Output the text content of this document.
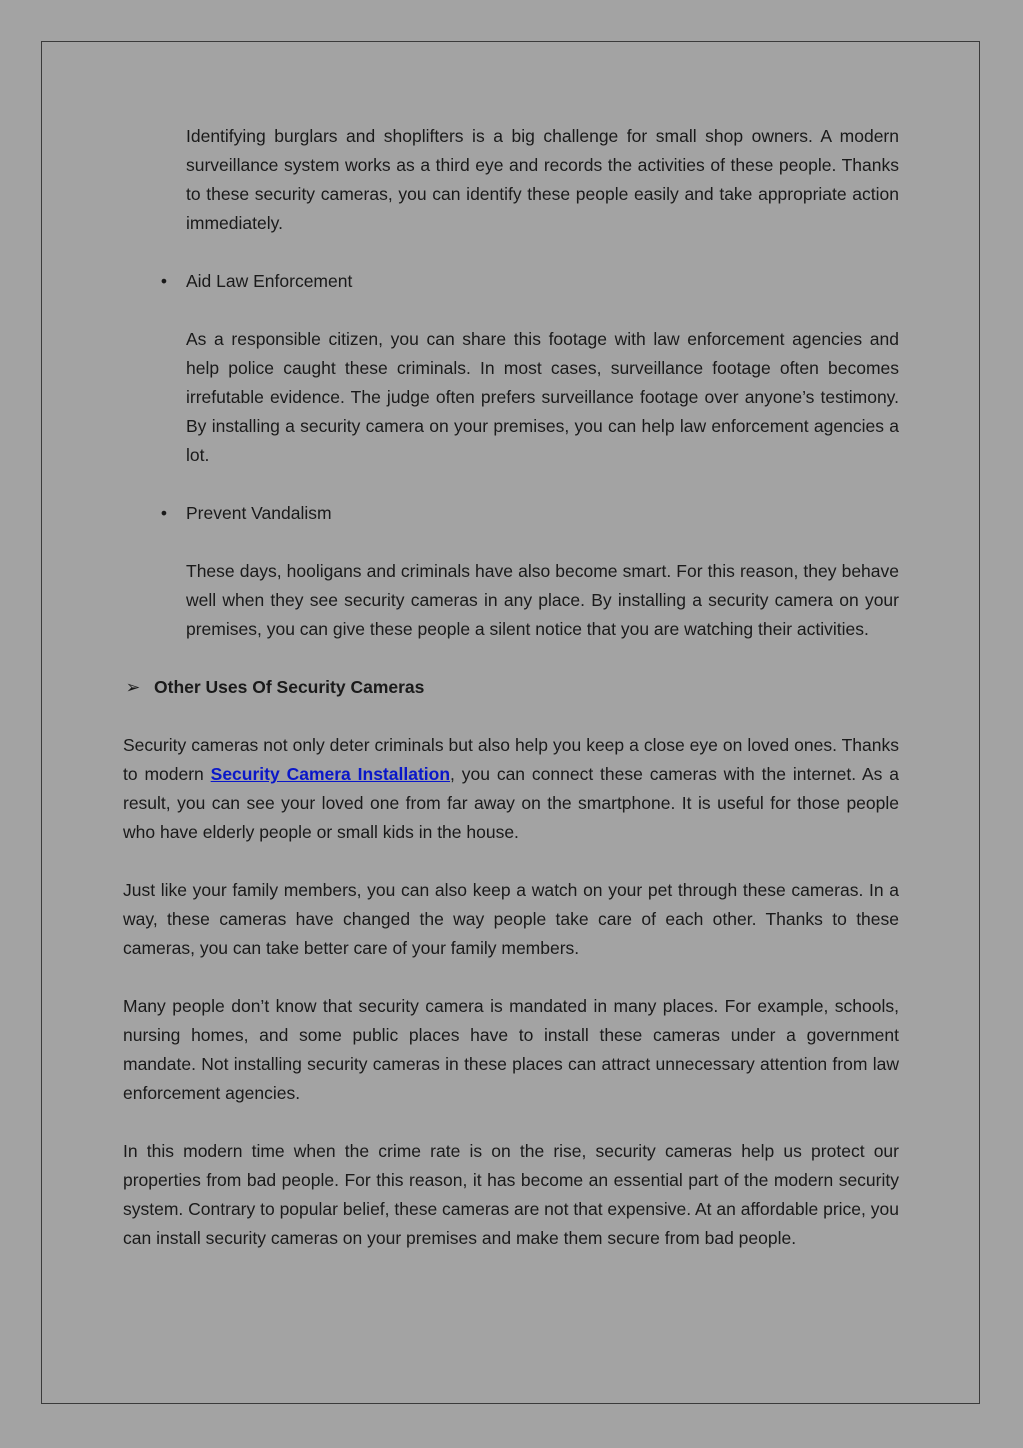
Identifying burglars and shoplifters is a big challenge for small shop owners. A modern surveillance system works as a third eye and records the activities of these people. Thanks to these security cameras, you can identify these people easily and take appropriate action immediately.

•	Aid Law Enforcement

As a responsible citizen, you can share this footage with law enforcement agencies and help police caught these criminals. In most cases, surveillance footage often becomes irrefutable evidence. The judge often prefers surveillance footage over anyone’s testimony. By installing a security camera on your premises, you can help law enforcement agencies a lot.

•	Prevent Vandalism

These days, hooligans and criminals have also become smart. For this reason, they behave well when they see security cameras in any place. By installing a security camera on your premises, you can give these people a silent notice that you are watching their activities.

➢ Other Uses Of Security Cameras

Security cameras not only deter criminals but also help you keep a close eye on loved ones. Thanks to modern Security Camera Installation, you can connect these cameras with the internet. As a result, you can see your loved one from far away on the smartphone. It is useful for those people who have elderly people or small kids in the house.

Just like your family members, you can also keep a watch on your pet through these cameras. In a way, these cameras have changed the way people take care of each other. Thanks to these cameras, you can take better care of your family members.

Many people don’t know that security camera is mandated in many places. For example, schools, nursing homes, and some public places have to install these cameras under a government mandate. Not installing security cameras in these places can attract unnecessary attention from law enforcement agencies.

In this modern time when the crime rate is on the rise, security cameras help us protect our properties from bad people. For this reason, it has become an essential part of the modern security system. Contrary to popular belief, these cameras are not that expensive. At an affordable price, you can install security cameras on your premises and make them secure from bad people.
